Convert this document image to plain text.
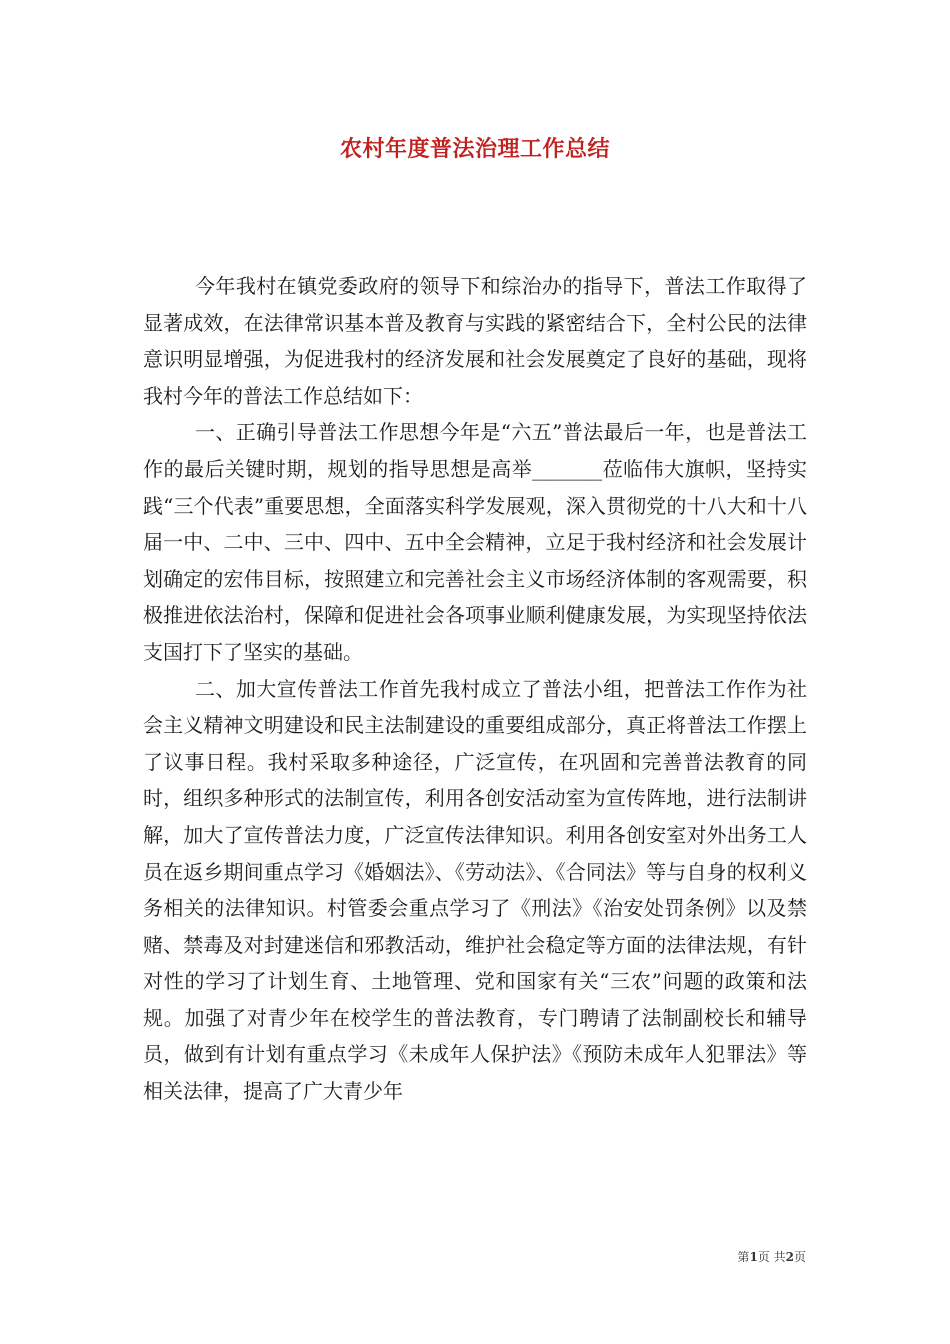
农村年度普法治理工作总结

今年我村在镇党委政府的领导下和综治办的指导下，普法工作取得了显著成效，在法律常识基本普及教育与实践的紧密结合下，全村公民的法律意识明显增强，为促进我村的经济发展和社会发展奠定了良好的基础，现将我村今年的普法工作总结如下：

一、正确引导普法工作思想今年是“六五”普法最后一年，也是普法工作的最后关键时期，规划的指导思想是高举_______莅临伟大旗帜，坚持实践“三个代表”重要思想，全面落实科学发展观，深入贯彻党的十八大和十八届一中、二中、三中、四中、五中全会精神，立足于我村经济和社会发展计划确定的宏伟目标，按照建立和完善社会主义市场经济体制的客观需要，积极推进依法治村，保障和促进社会各项事业顺利健康发展，为实现坚持依法支国打下了坚实的基础。

二、加大宣传普法工作首先我村成立了普法小组，把普法工作作为社会主义精神文明建设和民主法制建设的重要组成部分，真正将普法工作摆上了议事日程。我村采取多种途径，广泛宣传，在巩固和完善普法教育的同时，组织多种形式的法制宣传，利用各创安活动室为宣传阵地，进行法制讲解，加大了宣传普法力度，广泛宣传法律知识。利用各创安室对外出务工人员在返乡期间重点学习《婚姻法》、《劳动法》、《合同法》等与自身的权利义务相关的法律知识。村管委会重点学习了《刑法》《治安处罚条例》以及禁赌、禁毒及对封建迷信和邪教活动，维护社会稳定等方面的法律法规，有针对性的学习了计划生育、土地管理、党和国家有关“三农”问题的政策和法规。加强了对青少年在校学生的普法教育，专门聘请了法制副校长和辅导员，做到有计划有重点学习《未成年人保护法》《预防未成年人犯罪法》等相关法律，提高了广大青少年

第1页 共2页
